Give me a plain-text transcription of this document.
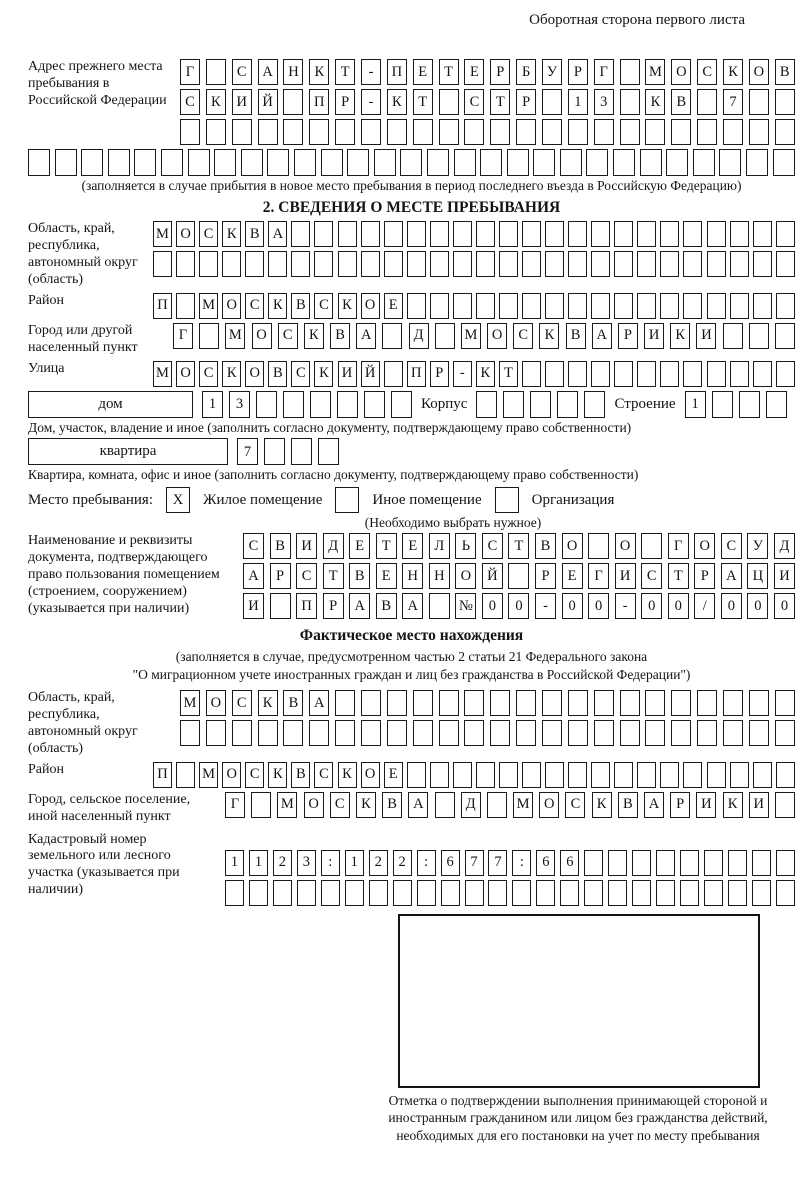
Оборотная сторона первого листа
Адрес прежнего места пребывания в Российской Федерации
Г	С	А	Н	К	Т	-	П	Е	Т	Е	Р	Б	У	Р	Г	М О	С	К	О	В
С	К	И	Й	П	Р	-	К	Т	С	Т	Р	1	3	К	В	7
(заполняется в случае прибытия в новое место пребывания в период последнего въезда в Российскую Федерацию)
2. СВЕДЕНИЯ О МЕСТЕ ПРЕБЫВАНИЯ
Область, край, республика, автономный округ (область)
М О С К В А
Район	П М О С К В С К О Е
Город или другой населенный пункт
Г	М О	С	К	В	А	Д	М О	С	К	В	А	Р	И	К	И
Улица	М О С К О В С К И Й П Р	-	К Т
дом	1	3	Корпус	Строение	1
Дом, участок, владение и иное (заполнить согласно документу, подтверждающему право собственности)
квартира	7
Квартира, комната, офис и иное (заполнить согласно документу, подтверждающему право собственности)
Место пребывания:	X	Жилое помещение	Иное помещение	Организация
(Необходимо выбрать нужное)
Наименование и реквизиты документа, подтверждающего право пользования помещением (строением, сооружением) (указывается при наличии)
С	В	И	Д	Е	Т	Е	Л	Ь	С	Т	В	О	О	Г	О	С	У	Д
А	Р	С	Т	В	Е	Н	Н	О	Й	Р	Е	Г	И	С	Т	Р	А	Ц	И
И	П	Р	А	В	А	№	0	0	-	0	0	-	0	0	/	0	0	0
Фактическое место нахождения
(заполняется в случае, предусмотренном частью 2 статьи 21 Федерального закона
"О миграционном учете иностранных граждан и лиц без гражданства в Российской Федерации")
Область, край, республика, автономный округ (область)
М О	С	К	В	А
Район	П М О С К В С К О Е
Город, сельское поселение, иной населенный пункт
Г	М О	С	К	В	А	Д	М О	С	К	В	А	Р	И	К	И
Кадастровый номер земельного или лесного участка (указывается при наличии)
1	1	2	3	:	1	2	2	:	6	7	7	:	6	6
Отметка о подтверждении выполнения принимающей стороной и иностранным гражданином или лицом без гражданства действий, необходимых для его постановки на учет по месту пребывания
